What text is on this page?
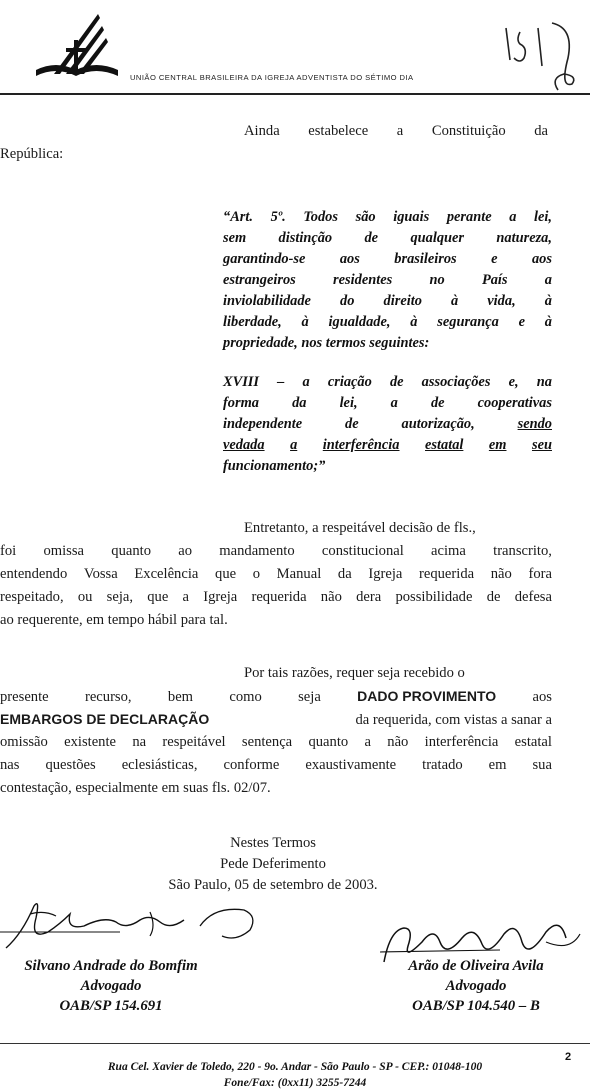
UNIÃO CENTRAL BRASILEIRA DA IGREJA ADVENTISTA DO SÉTIMO DIA
Ainda estabelece a Constituição da
República:
“Art. 5º. Todos são iguais perante a lei,
sem distinção de qualquer natureza,
garantindo-se aos brasileiros e aos
estrangeiros	residentes	no	País	a
inviolabilidade do direito à vida, à
liberdade, à igualdade, à segurança e à
propriedade, nos termos seguintes:
XVIII – a criação de associações e, na
forma da lei, a de cooperativas
independente	de	autorização,	sendo
vedada a interferência estatal em seu
funcionamento;”
Entretanto, a respeitável decisão de fls.,
foi omissa quanto ao mandamento constitucional acima transcrito,
entendendo Vossa Excelência que o Manual da Igreja requerida não fora
respeitado, ou seja, que a Igreja requerida não dera possibilidade de defesa
ao requerente, em tempo hábil para tal.
Por tais razões, requer seja recebido o
presente recurso, bem como seja	DADO PROVIMENTO aos
EMBARGOS DE DECLARAÇÃO	da requerida, com vistas a sanar a
omissão existente na respeitável sentença quanto a não interferência estatal
nas questões eclesiásticas, conforme exaustivamente tratado em sua
contestação, especialmente em suas fls. 02/07.
Nestes Termos
Pede Deferimento
São Paulo, 05 de setembro de 2003.
Silvano Andrade do Bomfim
Advogado
OAB/SP 154.691
Arão de Oliveira Avila
Advogado
OAB/SP 104.540 – B
Rua Cel. Xavier de Toledo, 220 - 9o. Andar - São Paulo - SP - CEP.: 01048-100
Fone/Fax: (0xx11) 3255-7244
2
